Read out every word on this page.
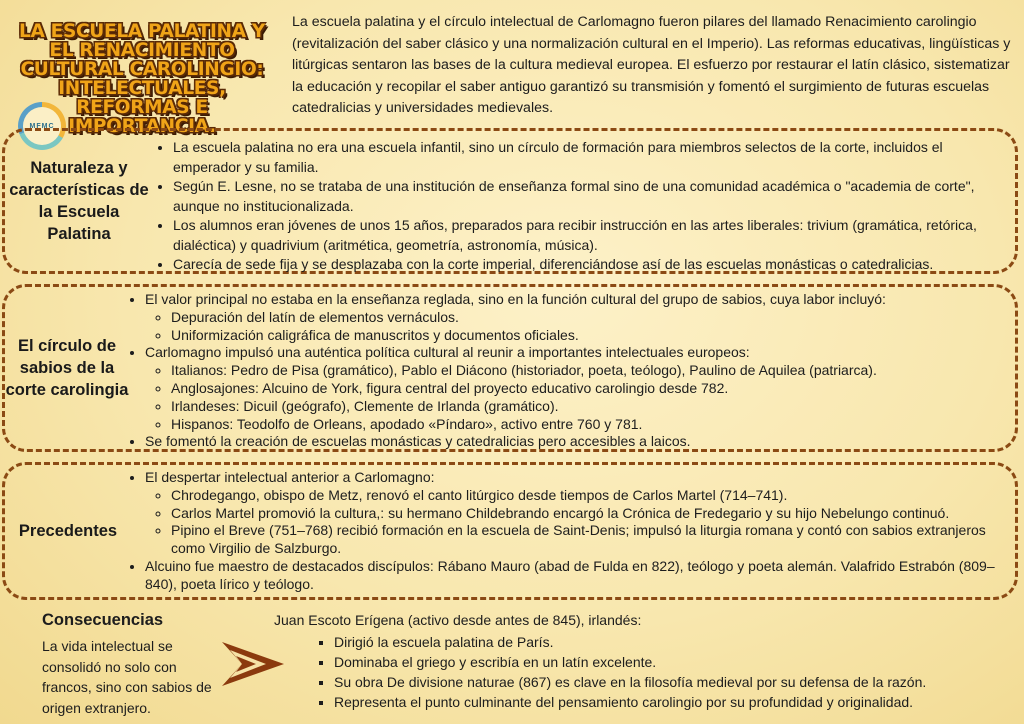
LA ESCUELA PALATINA Y EL RENACIMIENTO CULTURAL CAROLINGIO: INTELECTUALES, REFORMAS E IMPORTANCIA.
MFMC

La escuela palatina y el círculo intelectual de Carlomagno fueron pilares del llamado Renacimiento carolingio (revitalización del saber clásico y una normalización cultural en el Imperio). Las reformas educativas, lingüísticas y litúrgicas sentaron las bases de la cultura medieval europea. El esfuerzo por restaurar el latín clásico, sistematizar la educación y recopilar el saber antiguo garantizó su transmisión y fomentó el surgimiento de futuras escuelas catedralicias y universidades medievales.

Naturaleza y características de la Escuela Palatina
• La escuela palatina no era una escuela infantil, sino un círculo de formación para miembros selectos de la corte, incluidos el emperador y su familia.
• Según E. Lesne, no se trataba de una institución de enseñanza formal sino de una comunidad académica o "academia de corte", aunque no institucionalizada.
• Los alumnos eran jóvenes de unos 15 años, preparados para recibir instrucción en las artes liberales: trivium (gramática, retórica, dialéctica) y quadrivium (aritmética, geometría, astronomía, música).
• Carecía de sede fija y se desplazaba con la corte imperial, diferenciándose así de las escuelas monásticas o catedralicias.
El círculo de sabios de la corte carolingia
• El valor principal no estaba en la enseñanza reglada, sino en la función cultural del grupo de sabios, cuya labor incluyó:
◦ Depuración del latín de elementos vernáculos.
◦ Uniformización caligráfica de manuscritos y documentos oficiales.
• Carlomagno impulsó una auténtica política cultural al reunir a importantes intelectuales europeos:
◦ Italianos: Pedro de Pisa (gramático), Pablo el Diácono (historiador, poeta, teólogo), Paulino de Aquilea (patriarca).
◦ Anglosajones: Alcuino de York, figura central del proyecto educativo carolingio desde 782.
◦ Irlandeses: Dicuil (geógrafo), Clemente de Irlanda (gramático).
◦ Hispanos: Teodolfo de Orleans, apodado «Píndaro», activo entre 760 y 781.
• Se fomentó la creación de escuelas monásticas y catedralicias pero accesibles a laicos.
Precedentes
• El despertar intelectual anterior a Carlomagno:
◦ Chrodegango, obispo de Metz, renovó el canto litúrgico desde tiempos de Carlos Martel (714–741).
◦ Carlos Martel promovió la cultura,: su hermano Childebrando encargó la Crónica de Fredegario y su hijo Nebelungo continuó.
◦ Pipino el Breve (751–768) recibió formación en la escuela de Saint-Denis; impulsó la liturgia romana y contó con sabios extranjeros como Virgilio de Salzburgo.
• Alcuino fue maestro de destacados discípulos: Rábano Mauro (abad de Fulda en 822), teólogo y poeta alemán. Valafrido Estrabón (809–840), poeta lírico y teólogo.
Consecuencias
La vida intelectual se consolidó no solo con francos, sino con sabios de origen extranjero.
Juan Escoto Erígena (activo desde antes de 845), irlandés:
▪ Dirigió la escuela palatina de París.
▪ Dominaba el griego y escribía en un latín excelente.
▪ Su obra De divisione naturae (867) es clave en la filosofía medieval por su defensa de la razón.
▪ Representa el punto culminante del pensamiento carolingio por su profundidad y originalidad.
